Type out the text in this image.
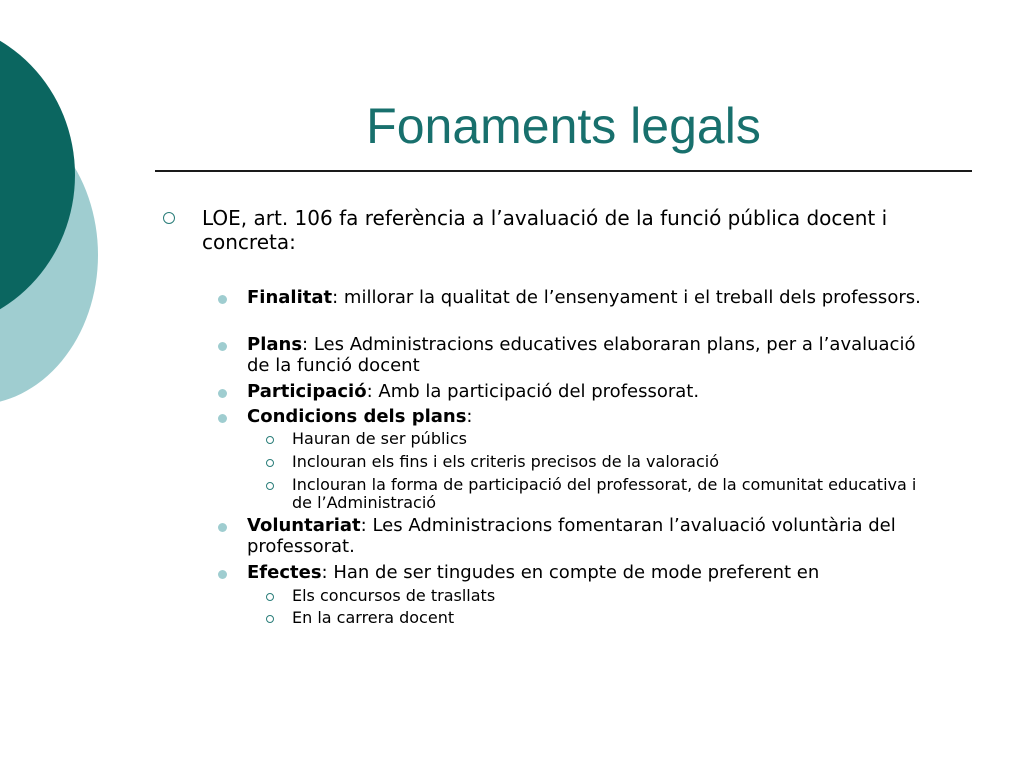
Fonaments legals
LOE, art. 106 fa referència a l’avaluació de la funció pública docent i concreta:
Finalitat: millorar la qualitat de l’ensenyament i el treball dels professors.
Plans: Les Administracions educatives elaboraran plans, per a l’avaluació de la funció docent
Participació: Amb la participació del professorat.
Condicions dels plans:
Hauran de ser públics
Inclouran els fins i els criteris precisos de la valoració
Inclouran la forma de participació del professorat, de la comunitat educativa i de l’Administració
Voluntariat: Les Administracions fomentaran l’avaluació voluntària del professorat.
Efectes: Han de ser tingudes en compte de mode preferent en
Els concursos de trasllats
En la carrera docent
